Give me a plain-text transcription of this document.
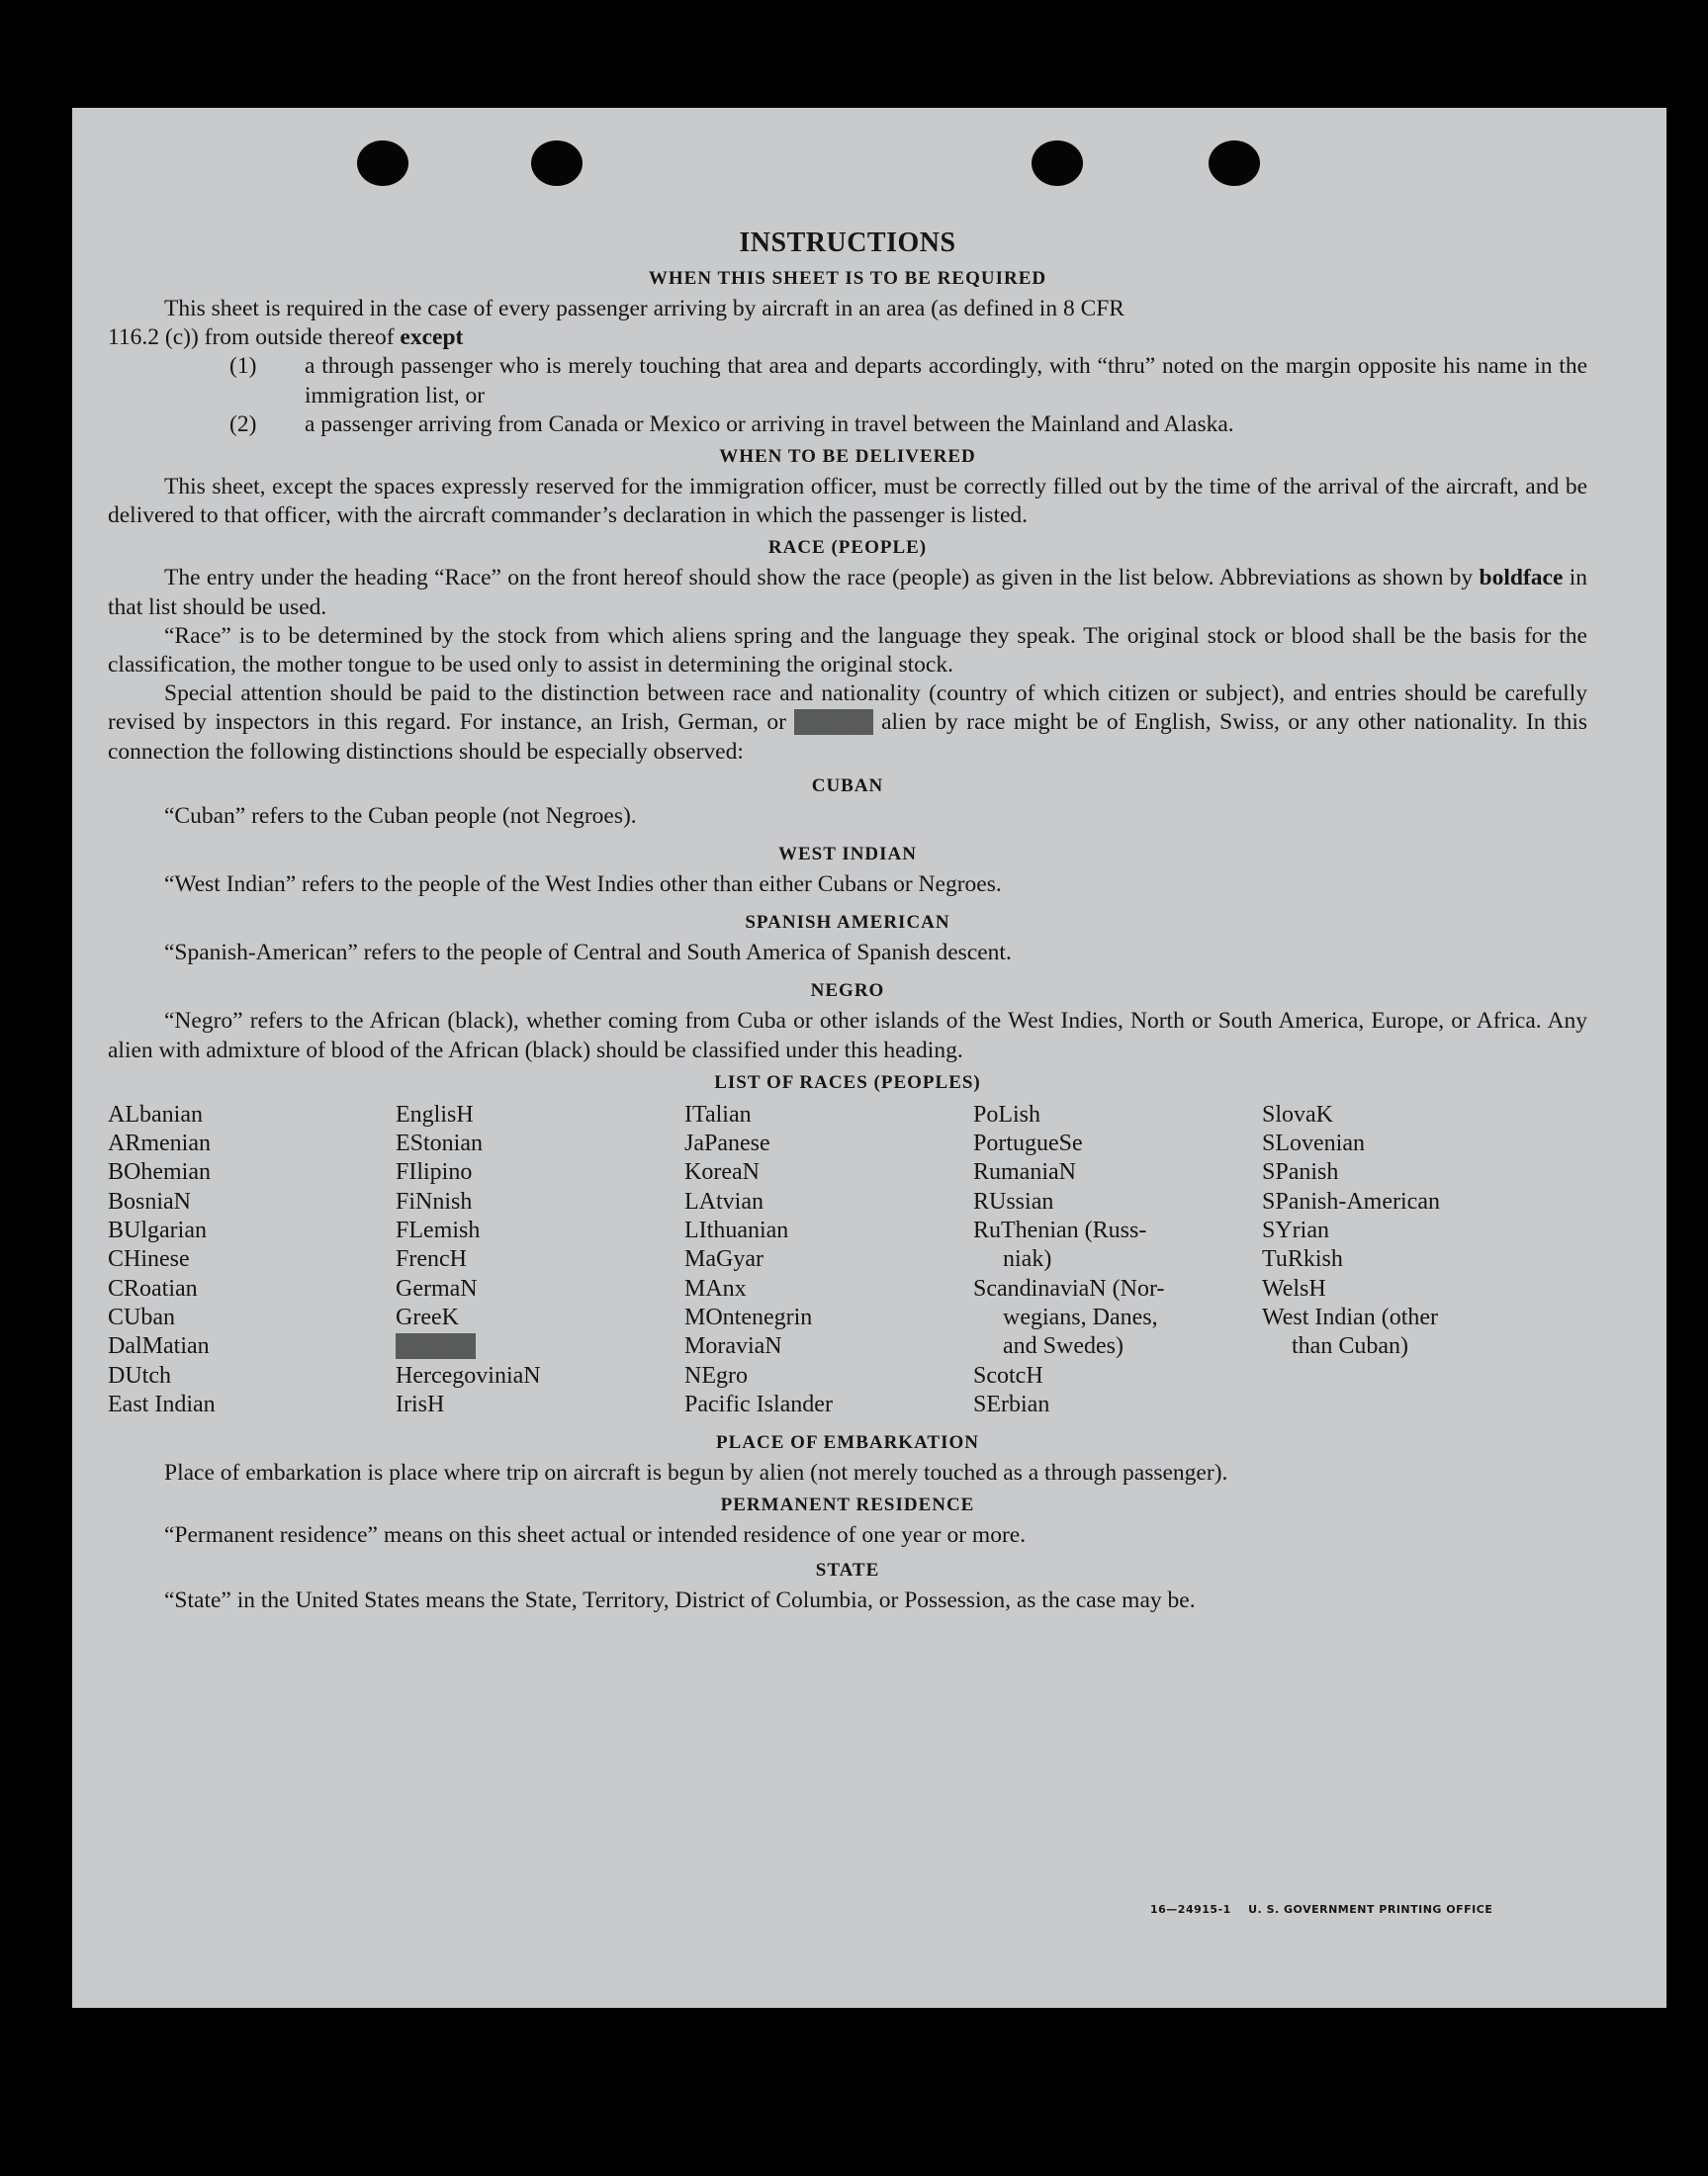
INSTRUCTIONS
WHEN THIS SHEET IS TO BE REQUIRED

This sheet is required in the case of every passenger arriving by aircraft in an area (as defined in 8 CFR

116.2 (c)) from outside thereof except

(1) a through passenger who is merely touching that area and departs accordingly, with “thru” noted on the margin opposite his name in the immigration list, or

(2) a passenger arriving from Canada or Mexico or arriving in travel between the Mainland and Alaska.

WHEN TO BE DELIVERED

This sheet, except the spaces expressly reserved for the immigration officer, must be correctly filled out by the time of the arrival of the aircraft, and be delivered to that officer, with the aircraft commander’s declaration in which the passenger is listed.

RACE (PEOPLE)

The entry under the heading “Race” on the front hereof should show the race (people) as given in the list below. Abbreviations as shown by boldface in that list should be used.

“Race” is to be determined by the stock from which aliens spring and the language they speak. The original stock or blood shall be the basis for the classification, the mother tongue to be used only to assist in determining the original stock.

Special attention should be paid to the distinction between race and nationality (country of which citizen or subject), and entries should be carefully revised by inspectors in this regard. For instance, an Irish, German, or Hebrew alien by race might be of English, Swiss, or any other nationality. In this connection the following distinctions should be especially observed:

CUBAN

“Cuban” refers to the Cuban people (not Negroes).

WEST INDIAN

“West Indian” refers to the people of the West Indies other than either Cubans or Negroes.

SPANISH AMERICAN

“Spanish-American” refers to the people of Central and South America of Spanish descent.

NEGRO

“Negro” refers to the African (black), whether coming from Cuba or other islands of the West Indies, North or South America, Europe, or Africa. Any alien with admixture of blood of the African (black) should be classified under this heading.

LIST OF RACES (PEOPLES)
ALbanian
ARmenian
BOhemian
BosniaN
BUlgarian
CHinese
CRoatian
CUban
DalMatian
DUtch
East Indian
EnglisH
EStonian
FIlipino
FiNnish
FLemish
FrencH
GermaN
GreeK
HebreW
HercegoviniaN
IrisH
ITalian
JaPanese
KoreaN
LAtvian
LIthuanian
MaGyar
MAnx
MOntenegrin
MoraviaN
NEgro
Pacific Islander
PoLish
PortugueSe
RumaniaN
RUssian
RuThenian (Russ-
niak)
ScandinaviaN (Nor-
wegians, Danes,
and Swedes)
ScotcH
SErbian
SlovaK
SLovenian
SPanish
SPanish-American
SYrian
TuRkish
WelsH
West Indian (other
than Cuban)
PLACE OF EMBARKATION

Place of embarkation is place where trip on aircraft is begun by alien (not merely touched as a through passenger).

PERMANENT RESIDENCE

“Permanent residence” means on this sheet actual or intended residence of one year or more.

STATE

“State” in the United States means the State, Territory, District of Columbia, or Possession, as the case may be.

16—24915-1 U. S. GOVERNMENT PRINTING OFFICE
